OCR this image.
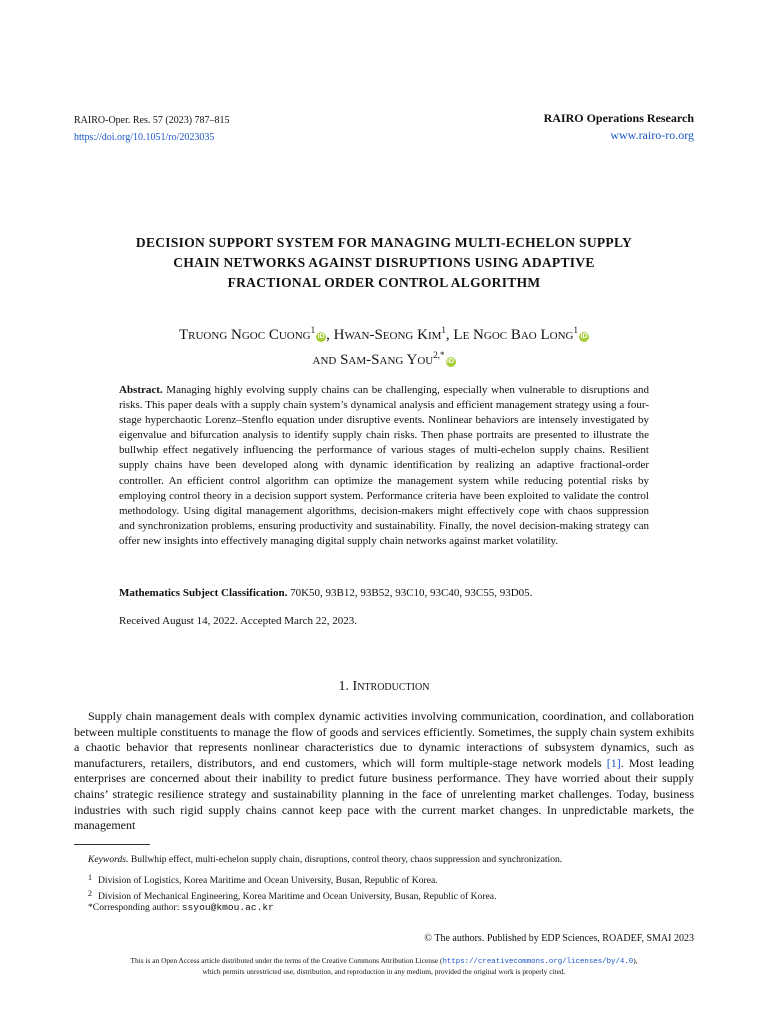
RAIRO-Oper. Res. 57 (2023) 787–815
https://doi.org/10.1051/ro/2023035
RAIRO Operations Research
www.rairo-ro.org
DECISION SUPPORT SYSTEM FOR MANAGING MULTI-ECHELON SUPPLY
CHAIN NETWORKS AGAINST DISRUPTIONS USING ADAPTIVE
FRACTIONAL ORDER CONTROL ALGORITHM
Truong Ngoc Cuong$^1$iD , Hwan-Seong Kim$^1$, Le Ngoc Bao Long$^1$iD
and Sam-Sang You$^{2,*}$iD
Abstract. Managing highly evolving supply chains can be challenging, especially when vulnerable to disruptions and risks. This paper deals with a supply chain system’s dynamical analysis and efficient management strategy using a four-stage hyperchaotic Lorenz–Stenflo equation under disruptive events. Nonlinear behaviors are intensely investigated by eigenvalue and bifurcation analysis to identify supply chain risks. Then phase portraits are presented to illustrate the bullwhip effect negatively influencing the performance of various stages of multi-echelon supply chains. Resilient supply chains have been developed along with dynamic identification by realizing an adaptive fractional-order controller. An efficient control algorithm can optimize the management system while reducing potential risks by employing control theory in a decision support system. Performance criteria have been exploited to validate the control methodology. Using digital management algorithms, decision-makers might effectively cope with chaos suppression and synchronization problems, ensuring productivity and sustainability. Finally, the novel decision-making strategy can offer new insights into effectively managing digital supply chain networks against market volatility.
Mathematics Subject Classification. 70K50, 93B12, 93B52, 93C10, 93C40, 93C55, 93D05.
Received August 14, 2022. Accepted March 22, 2023.
1. Introduction
Supply chain management deals with complex dynamic activities involving communication, coordination, and collaboration between multiple constituents to manage the flow of goods and services efficiently. Sometimes, the supply chain system exhibits a chaotic behavior that represents nonlinear characteristics due to dynamic interactions of subsystem dynamics, such as manufacturers, retailers, distributors, and end customers, which will form multiple-stage network models [1]. Most leading enterprises are concerned about their inability to predict future business performance. They have worried about their supply chains’ strategic resilience strategy and sustainability planning in the face of unrelenting market challenges. Today, business industries with such rigid supply chains cannot keep pace with the current market changes. In unpredictable markets, the management
Keywords. Bullwhip effect, multi-echelon supply chain, disruptions, control theory, chaos suppression and synchronization.
1 Division of Logistics, Korea Maritime and Ocean University, Busan, Republic of Korea.
2 Division of Mechanical Engineering, Korea Maritime and Ocean University, Busan, Republic of Korea.
*Corresponding author: ssyou@kmou.ac.kr
© The authors. Published by EDP Sciences, ROADEF, SMAI 2023
This is an Open Access article distributed under the terms of the Creative Commons Attribution License (https://creativecommons.org/licenses/by/4.0),
which permits unrestricted use, distribution, and reproduction in any medium, provided the original work is properly cited.
